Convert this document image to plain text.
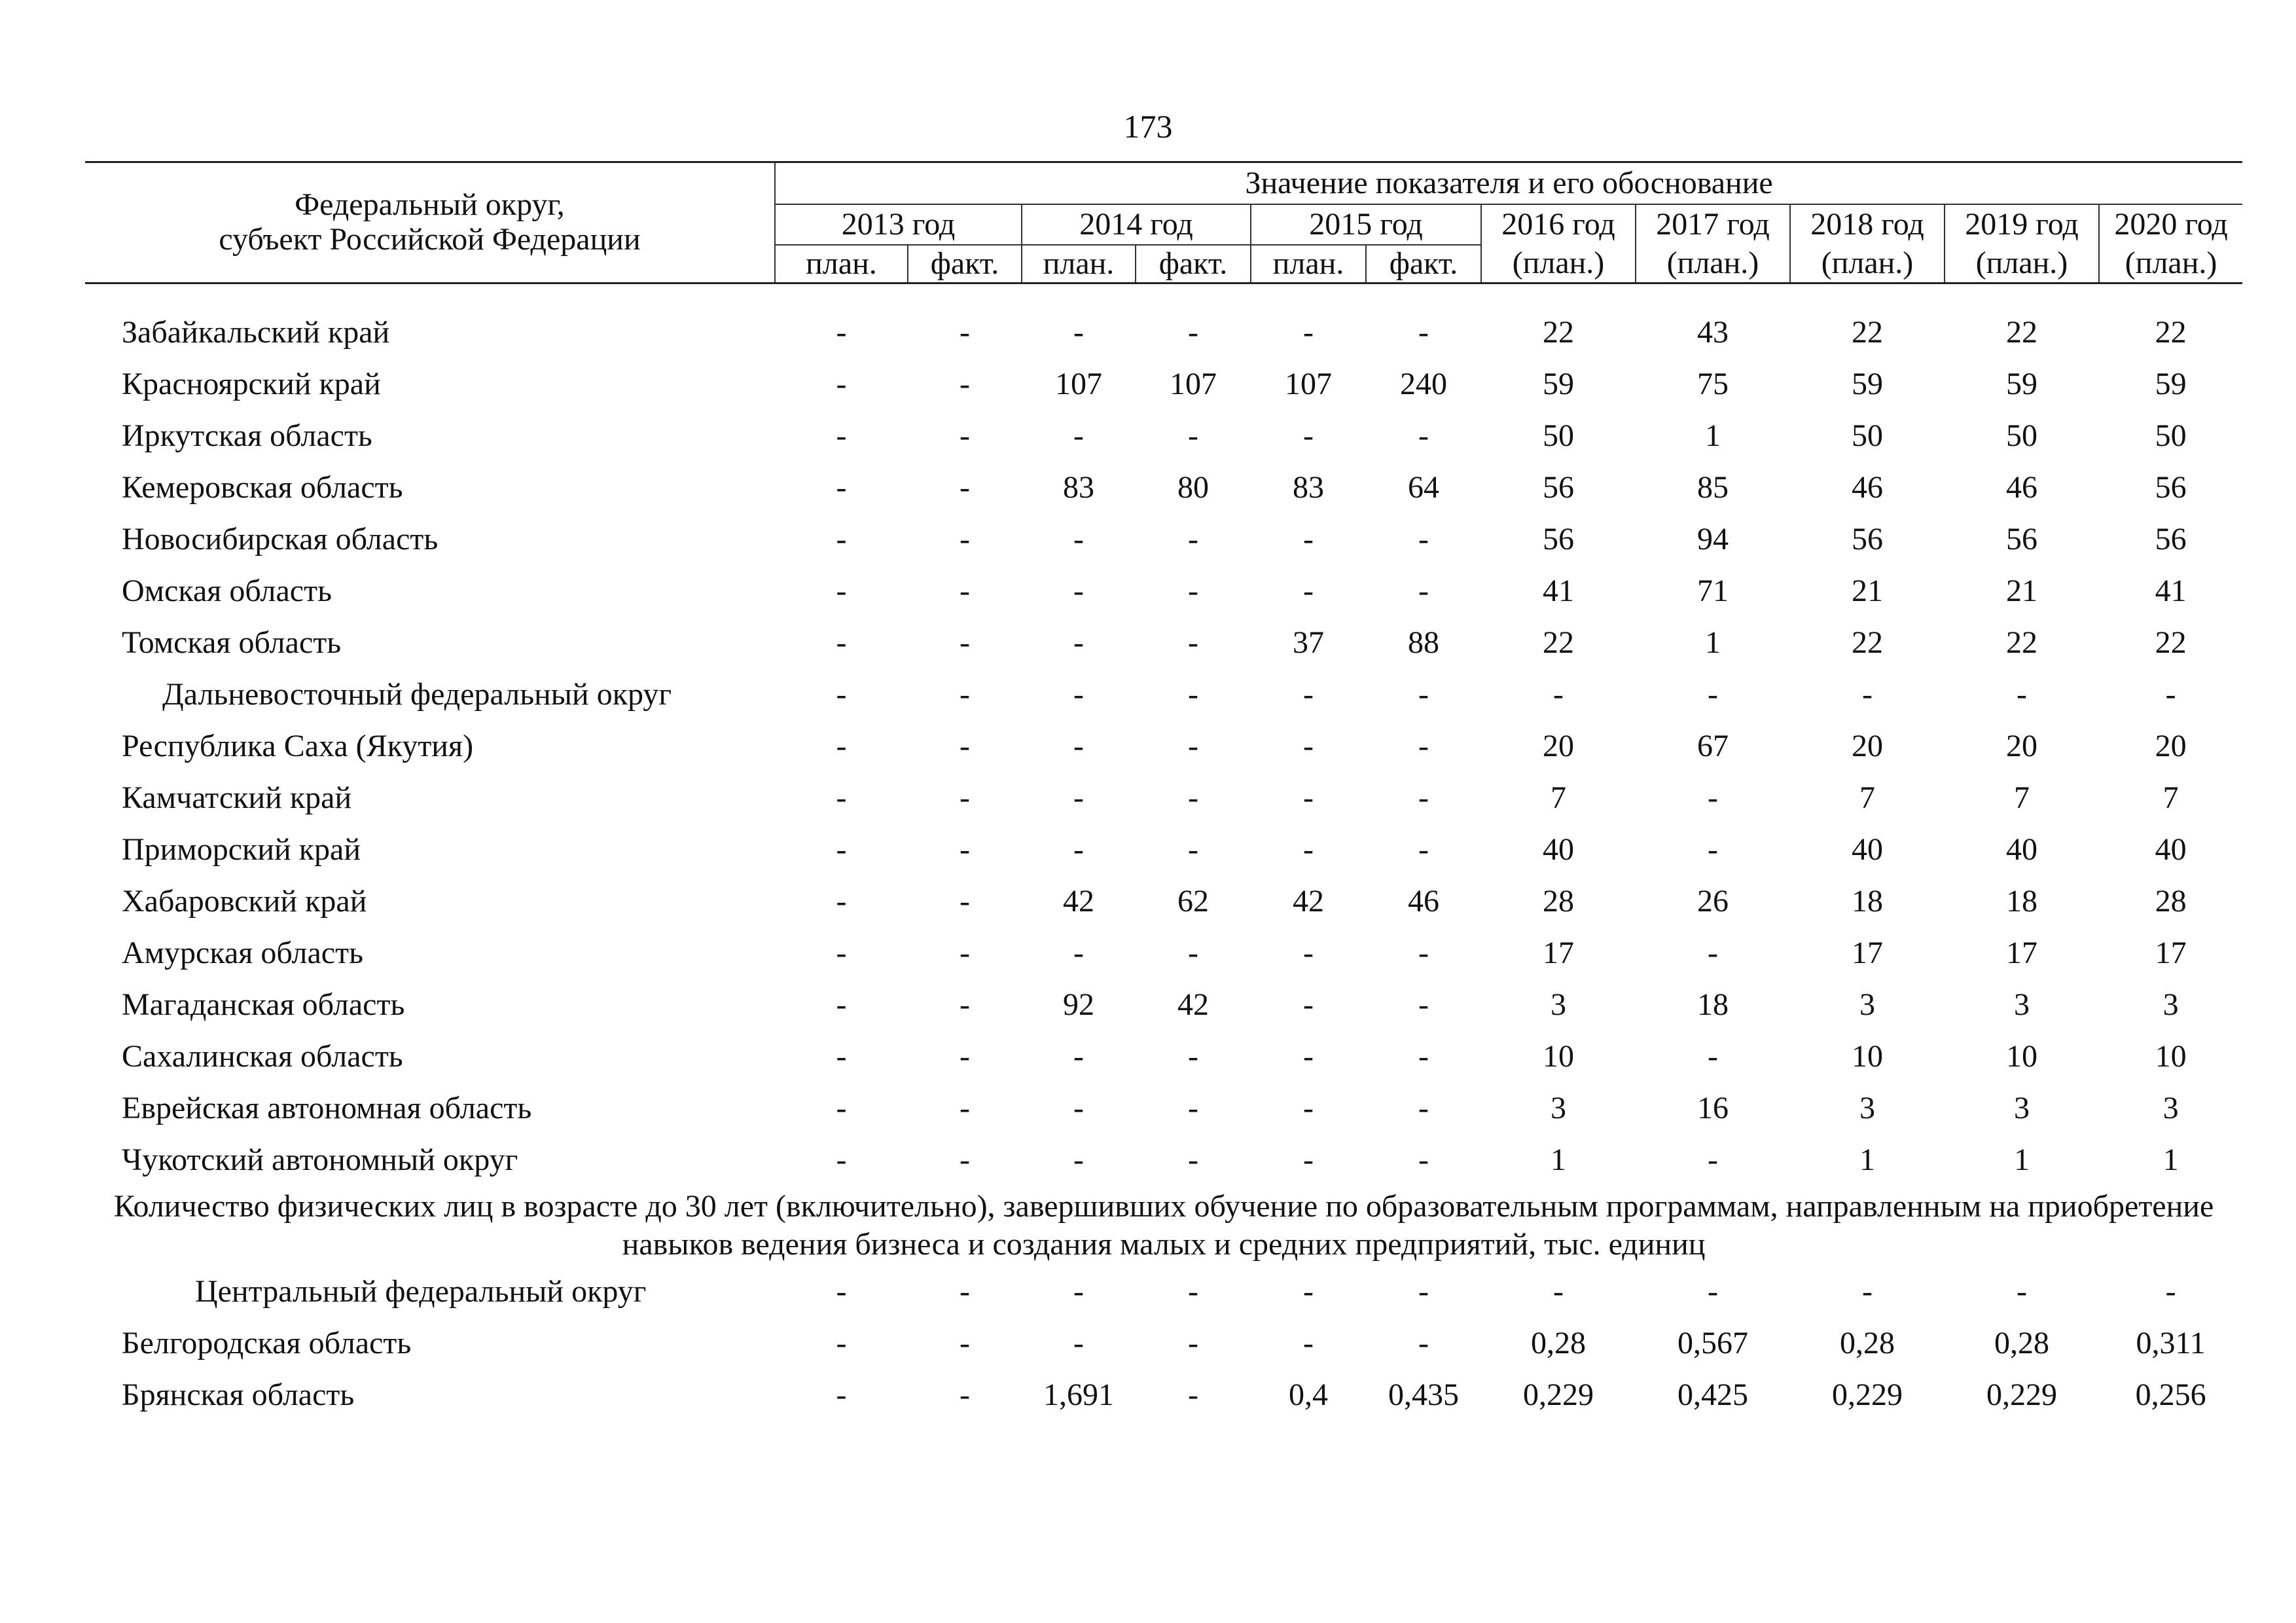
173
Федеральный округ,
субъект Российской Федерации	Значение показателя и его обоснование										
	2013 год		2014 год		2015 год		2016 год	2017 год	2018 год	2019 год	2020 год
	план.	факт.	план.	факт.	план.	факт.	(план.)	(план.)	(план.)	(план.)	(план.)

Забайкальский край	-	-	-	-	-	-	22	43	22	22	22
Красноярский край	-	-	107	107	107	240	59	75	59	59	59
Иркутская область	-	-	-	-	-	-	50	1	50	50	50
Кемеровская область	-	-	83	80	83	64	56	85	46	46	56
Новосибирская область	-	-	-	-	-	-	56	94	56	56	56
Омская область	-	-	-	-	-	-	41	71	21	21	41
Томская область	-	-	-	-	37	88	22	1	22	22	22
Дальневосточный федеральный округ	-	-	-	-	-	-	-	-	-	-	-
Республика Саха (Якутия)	-	-	-	-	-	-	20	67	20	20	20
Камчатский край	-	-	-	-	-	-	7	-	7	7	7
Приморский край	-	-	-	-	-	-	40	-	40	40	40
Хабаровский край	-	-	42	62	42	46	28	26	18	18	28
Амурская область	-	-	-	-	-	-	17	-	17	17	17
Магаданская область	-	-	92	42	-	-	3	18	3	3	3
Сахалинская область	-	-	-	-	-	-	10	-	10	10	10
Еврейская автономная область	-	-	-	-	-	-	3	16	3	3	3
Чукотский автономный округ	-	-	-	-	-	-	1	-	1	1	1
Количество физических лиц в возрасте до 30 лет (включительно), завершивших обучение по образовательным программам, направленным на приобретение навыков ведения бизнеса и создания малых и средних предприятий, тыс. единиц											
Центральный федеральный округ	-	-	-	-	-	-	-	-	-	-	-
Белгородская область	-	-	-	-	-	-	0,28	0,567	0,28	0,28	0,311
Брянская область	-	-	1,691	-	0,4	0,435	0,229	0,425	0,229	0,229	0,256
